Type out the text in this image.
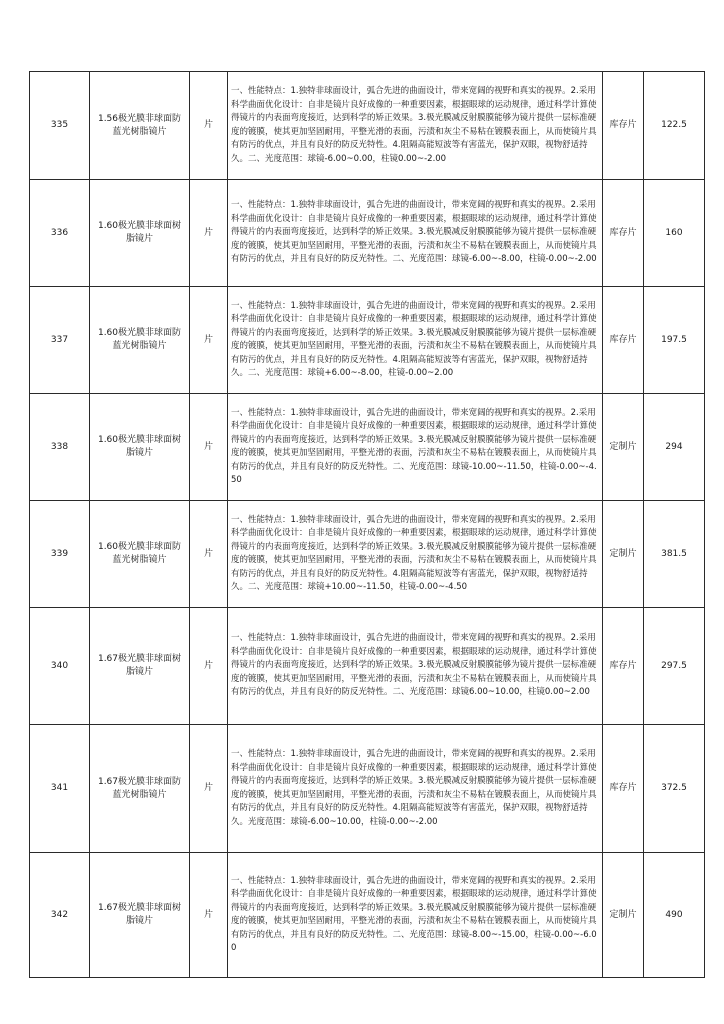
335	1.56极光膜非球面防蓝光树脂镜片	片	一、性能特点：1.独特非球面设计，弧合先进的曲面设计，带来宽阔的视野和真实的视界。2.采用科学曲面优化设计：自非是镜片良好成像的一种重要因素，根据眼球的运动规律，通过科学计算使得镜片的内表面弯度接近，达到科学的矫正效果。3.极光膜减反射膜膜能够为镜片提供一层标准硬度的镀膜，使其更加坚固耐用，平整光滑的表面，污渍和灰尘不易粘在镀膜表面上，从而使镜片具有防污的优点，并且有良好的防反光特性。4.阻隔高能短波等有害蓝光，保护双眼，视物舒适持久。二、光度范围：球镜-6.00~0.00，柱镜0.00~-2.00	库存片	122.5
336	1.60极光膜非球面树脂镜片	片	一、性能特点：1.独特非球面设计，弧合先进的曲面设计，带来宽阔的视野和真实的视界。2.采用科学曲面优化设计：自非是镜片良好成像的一种重要因素，根据眼球的运动规律，通过科学计算使得镜片的内表面弯度接近，达到科学的矫正效果。3.极光膜减反射膜膜能够为镜片提供一层标准硬度的镀膜，使其更加坚固耐用，平整光滑的表面，污渍和灰尘不易粘在镀膜表面上，从而使镜片具有防污的优点，并且有良好的防反光特性。二、光度范围：球镜-6.00~-8.00，柱镜-0.00~-2.00	库存片	160
337	1.60极光膜非球面防蓝光树脂镜片	片	一、性能特点：1.独特非球面设计，弧合先进的曲面设计，带来宽阔的视野和真实的视界。2.采用科学曲面优化设计：自非是镜片良好成像的一种重要因素，根据眼球的运动规律，通过科学计算使得镜片的内表面弯度接近，达到科学的矫正效果。3.极光膜减反射膜膜能够为镜片提供一层标准硬度的镀膜，使其更加坚固耐用，平整光滑的表面，污渍和灰尘不易粘在镀膜表面上，从而使镜片具有防污的优点，并且有良好的防反光特性。4.阻隔高能短波等有害蓝光，保护双眼，视物舒适持久。二、光度范围：球镜+6.00~-8.00，柱镜-0.00~2.00	库存片	197.5
338	1.60极光膜非球面树脂镜片	片	一、性能特点：1.独特非球面设计，弧合先进的曲面设计，带来宽阔的视野和真实的视界。2.采用科学曲面优化设计：自非是镜片良好成像的一种重要因素，根据眼球的运动规律，通过科学计算使得镜片的内表面弯度接近，达到科学的矫正效果。3.极光膜减反射膜膜能够为镜片提供一层标准硬度的镀膜，使其更加坚固耐用，平整光滑的表面，污渍和灰尘不易粘在镀膜表面上，从而使镜片具有防污的优点，并且有良好的防反光特性。二、光度范围：球镜-10.00~-11.50，柱镜-0.00~-4.50	定制片	294
339	1.60极光膜非球面防蓝光树脂镜片	片	一、性能特点：1.独特非球面设计，弧合先进的曲面设计，带来宽阔的视野和真实的视界。2.采用科学曲面优化设计：自非是镜片良好成像的一种重要因素，根据眼球的运动规律，通过科学计算使得镜片的内表面弯度接近，达到科学的矫正效果。3.极光膜减反射膜膜能够为镜片提供一层标准硬度的镀膜，使其更加坚固耐用，平整光滑的表面，污渍和灰尘不易粘在镀膜表面上，从而使镜片具有防污的优点，并且有良好的防反光特性。4.阻隔高能短波等有害蓝光，保护双眼，视物舒适持久。二、光度范围：球镜+10.00~-11.50，柱镜-0.00~-4.50	定制片	381.5
340	1.67极光膜非球面树脂镜片	片	一、性能特点：1.独特非球面设计，弧合先进的曲面设计，带来宽阔的视野和真实的视界。2.采用科学曲面优化设计：自非是镜片良好成像的一种重要因素，根据眼球的运动规律，通过科学计算使得镜片的内表面弯度接近，达到科学的矫正效果。3.极光膜减反射膜膜能够为镜片提供一层标准硬度的镀膜，使其更加坚固耐用，平整光滑的表面，污渍和灰尘不易粘在镀膜表面上，从而使镜片具有防污的优点，并且有良好的防反光特性。二、光度范围：球镜6.00~10.00，柱镜0.00~2.00	库存片	297.5
341	1.67极光膜非球面防蓝光树脂镜片	片	一、性能特点：1.独特非球面设计，弧合先进的曲面设计，带来宽阔的视野和真实的视界。2.采用科学曲面优化设计：自非是镜片良好成像的一种重要因素，根据眼球的运动规律，通过科学计算使得镜片的内表面弯度接近，达到科学的矫正效果。3.极光膜减反射膜膜能够为镜片提供一层标准硬度的镀膜，使其更加坚固耐用，平整光滑的表面，污渍和灰尘不易粘在镀膜表面上，从而使镜片具有防污的优点，并且有良好的防反光特性。4.阻隔高能短波等有害蓝光，保护双眼，视物舒适持久。光度范围：球镜-6.00~10.00，柱镜-0.00~-2.00	库存片	372.5
342	1.67极光膜非球面树脂镜片	片	一、性能特点：1.独特非球面设计，弧合先进的曲面设计，带来宽阔的视野和真实的视界。2.采用科学曲面优化设计：自非是镜片良好成像的一种重要因素，根据眼球的运动规律，通过科学计算使得镜片的内表面弯度接近，达到科学的矫正效果。3.极光膜减反射膜膜能够为镜片提供一层标准硬度的镀膜，使其更加坚固耐用，平整光滑的表面，污渍和灰尘不易粘在镀膜表面上，从而使镜片具有防污的优点，并且有良好的防反光特性。二、光度范围：球镜-8.00~-15.00，柱镜-0.00~-6.00	定制片	490
